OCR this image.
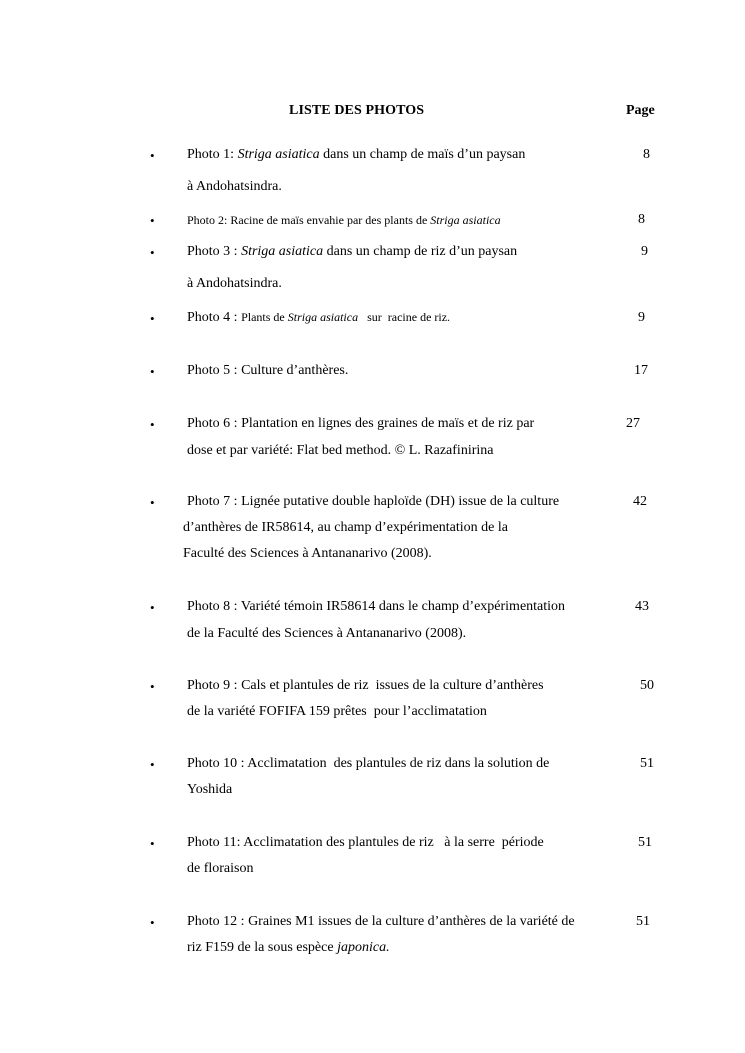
LISTE DES PHOTOS	Page
• Photo 1: Striga asiatica dans un champ de maïs d’un paysan
à Andohatsindra.
8
•	Photo 2: Racine de maïs envahie par des plants de Striga asiatica	8
• Photo 3 : Striga asiatica dans un champ de riz d’un paysan
à Andohatsindra.
9
• Photo 4 : Plants de Striga asiatica   sur  racine de riz.	9
• Photo 5 : Culture d’anthères.	17
• Photo 6 : Plantation en lignes des graines de maïs et de riz par
dose et par variété: Flat bed method. © L. Razafinirina
27
• Photo 7 : Lignée putative double haploïde (DH) issue de la culture
d’anthères de IR58614, au champ d’expérimentation de la
Faculté des Sciences à Antananarivo (2008).
42
• Photo 8 : Variété témoin IR58614 dans le champ d’expérimentation
de la Faculté des Sciences à Antananarivo (2008).
43
• Photo 9 : Cals et plantules de riz  issues de la culture d’anthères
de la variété FOFIFA 159 prêtes  pour l’acclimatation
50
• Photo 10 : Acclimatation  des plantules de riz dans la solution de
Yoshida
51
• Photo 11: Acclimatation des plantules de riz   à la serre  période
de floraison
51
• Photo 12 : Graines M1 issues de la culture d’anthères de la variété de
riz F159 de la sous espèce japonica.
51
